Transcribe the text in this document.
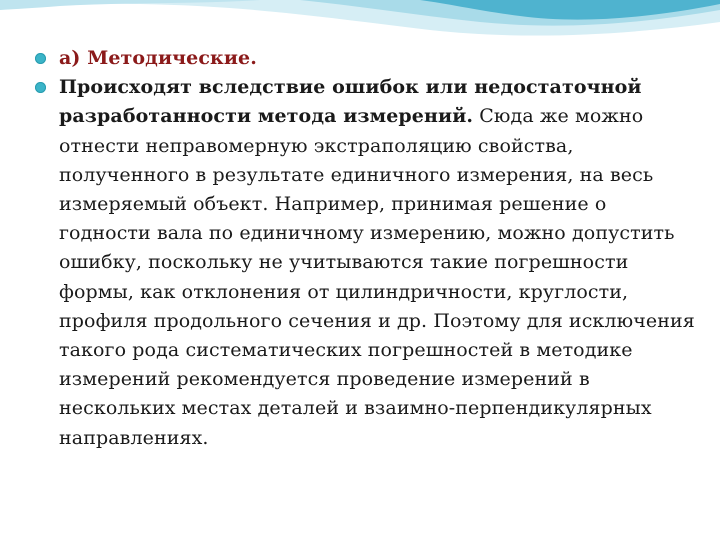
а) Методические.
Происходят вследствие ошибок или недостаточной разработанности метода измерений. Сюда же можно отнести неправомерную экстраполяцию свойства, полученного в результате единичного измерения, на весь измеряемый объект. Например, принимая решение о годности вала по единичному измерению, можно допустить ошибку, поскольку не учитываются такие погрешности формы, как отклонения от цилиндричности, круглости, профиля продольного сечения и др. Поэтому для исключения такого рода систематических погрешностей в методике измерений рекомендуется проведение измерений в нескольких местах деталей и взаимно-перпендикулярных направлениях.
